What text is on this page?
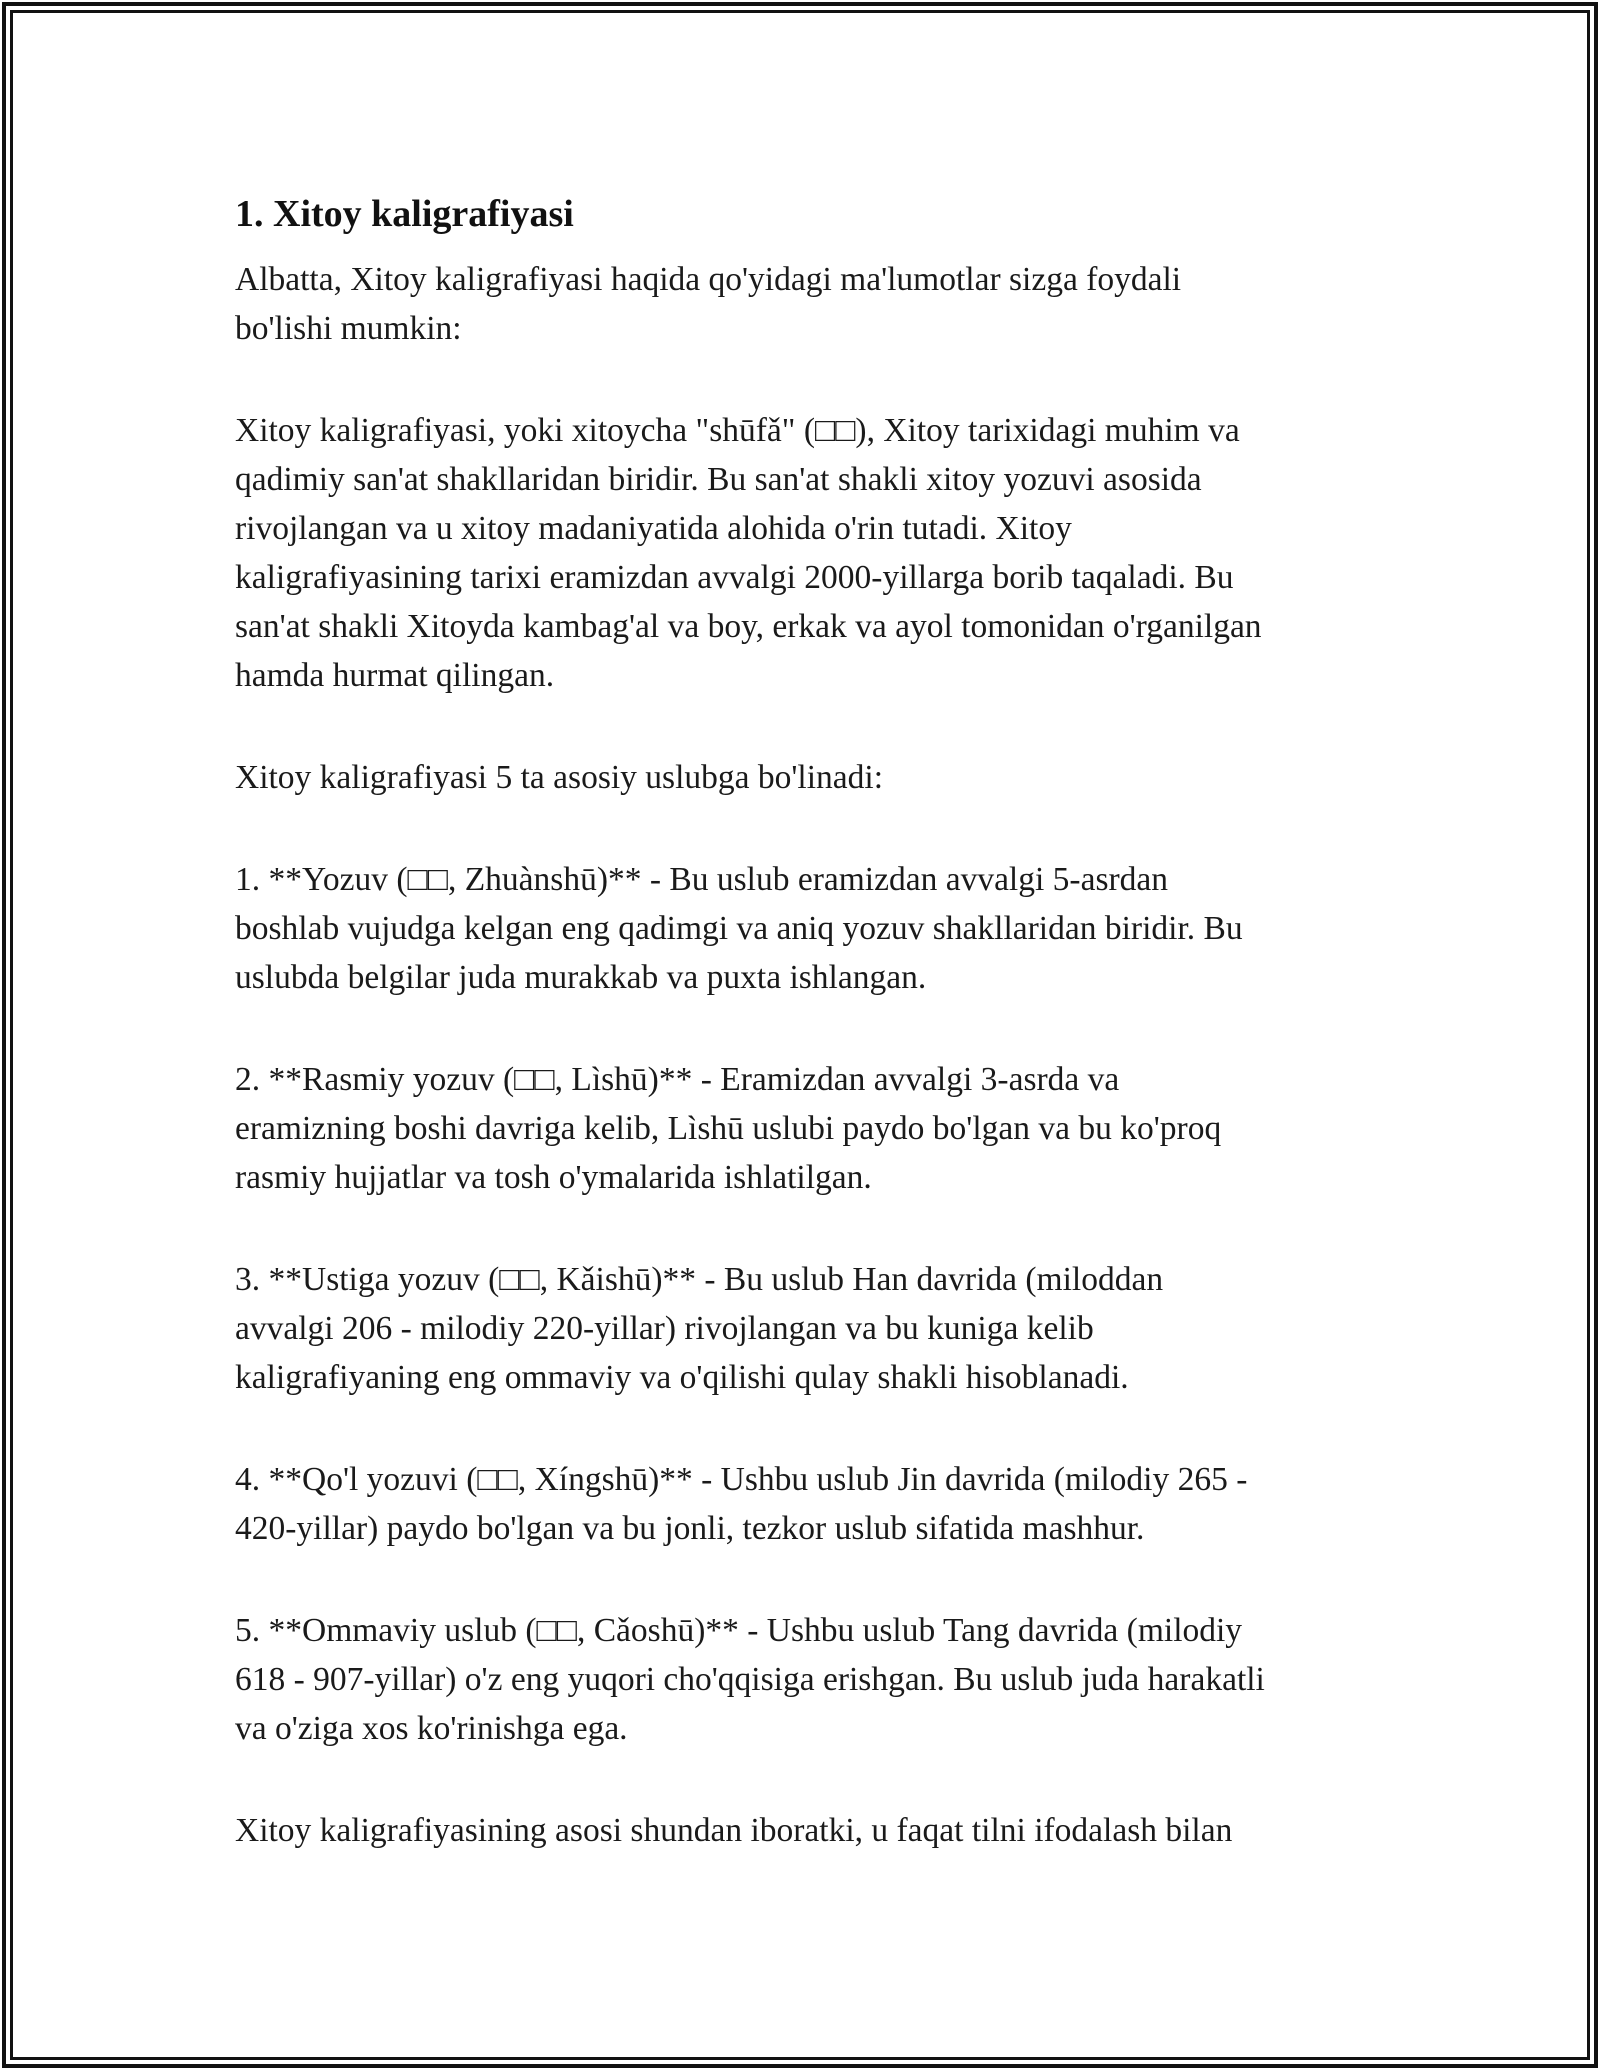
1. Xitoy kaligrafiyasi

Albatta, Xitoy kaligrafiyasi haqida qo'yidagi ma'lumotlar sizga foydali
bo'lishi mumkin:

Xitoy kaligrafiyasi, yoki xitoycha "shūfǎ" (□□), Xitoy tarixidagi muhim va
qadimiy san'at shakllaridan biridir. Bu san'at shakli xitoy yozuvi asosida
rivojlangan va u xitoy madaniyatida alohida o'rin tutadi. Xitoy
kaligrafiyasining tarixi eramizdan avvalgi 2000-yillarga borib taqaladi. Bu
san'at shakli Xitoyda kambag'al va boy, erkak va ayol tomonidan o'rganilgan
hamda hurmat qilingan.

Xitoy kaligrafiyasi 5 ta asosiy uslubga bo'linadi:

1. **Yozuv (□□, Zhuànshū)** - Bu uslub eramizdan avvalgi 5-asrdan
boshlab vujudga kelgan eng qadimgi va aniq yozuv shakllaridan biridir. Bu
uslubda belgilar juda murakkab va puxta ishlangan.

2. **Rasmiy yozuv (□□, Lìshū)** - Eramizdan avvalgi 3-asrda va
eramizning boshi davriga kelib, Lìshū uslubi paydo bo'lgan va bu ko'proq
rasmiy hujjatlar va tosh o'ymalarida ishlatilgan.

3. **Ustiga yozuv (□□, Kǎishū)** - Bu uslub Han davrida (miloddan
avvalgi 206 - milodiy 220-yillar) rivojlangan va bu kuniga kelib
kaligrafiyaning eng ommaviy va o'qilishi qulay shakli hisoblanadi.

4. **Qo'l yozuvi (□□, Xíngshū)** - Ushbu uslub Jin davrida (milodiy 265 -
420-yillar) paydo bo'lgan va bu jonli, tezkor uslub sifatida mashhur.

5. **Ommaviy uslub (□□, Cǎoshū)** - Ushbu uslub Tang davrida (milodiy
618 - 907-yillar) o'z eng yuqori cho'qqisiga erishgan. Bu uslub juda harakatli
va o'ziga xos ko'rinishga ega.

Xitoy kaligrafiyasining asosi shundan iboratki, u faqat tilni ifodalash bilan
